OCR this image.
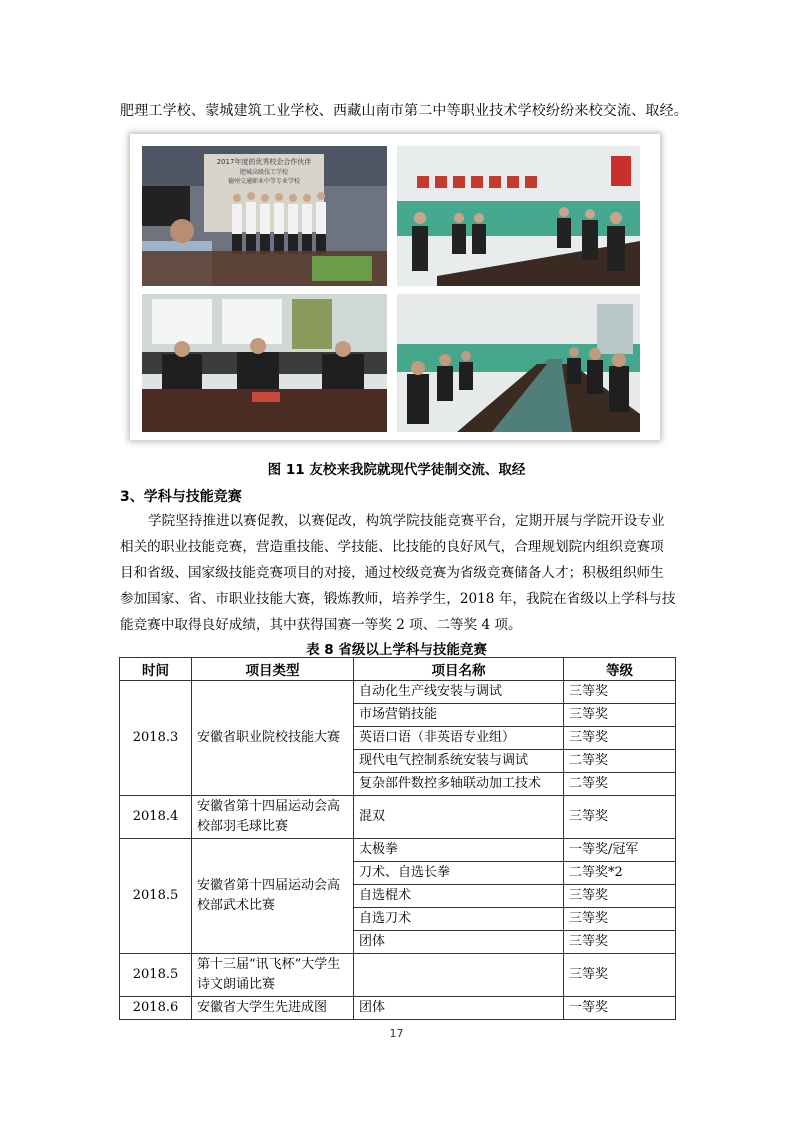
肥理工学校、蒙城建筑工业学校、西藏山南市第二中等职业技术学校纷纷来校交流、取经。
2017年度的优秀校企合作伙伴
肥城高级技工学校
德州交通职业中等专业学校
图 11 友校来我院就现代学徒制交流、取经
3、学科与技能竞赛

学院坚持推进以赛促教，以赛促改，构筑学院技能竞赛平台，定期开展与学院开设专业

相关的职业技能竞赛，营造重技能、学技能、比技能的良好风气，合理规划院内组织竞赛项

目和省级、国家级技能竞赛项目的对接，通过校级竞赛为省级竞赛储备人才；积极组织师生

参加国家、省、市职业技能大赛，锻炼教师，培养学生，2018 年，我院在省级以上学科与技

能竞赛中取得良好成绩，其中获得国赛一等奖 2 项、二等奖 4 项。

表 8 省级以上学科与技能竞赛
时间	项目类型	项目名称	等级
2018.3	安徽省职业院校技能大赛	自动化生产线安装与调试	三等奖
		市场营销技能	三等奖
		英语口语（非英语专业组）	三等奖
		现代电气控制系统安装与调试	二等奖
		复杂部件数控多轴联动加工技术	二等奖
2018.4	安徽省第十四届运动会高校部羽毛球比赛	混双	三等奖
2018.5	安徽省第十四届运动会高校部武术比赛	太极拳	一等奖/冠军
		刀术、自选长拳	二等奖*2
		自选棍术	三等奖
		自选刀术	三等奖
		团体	三等奖
2018.5	第十三届“讯飞杯”大学生诗文朗诵比赛		三等奖
2018.6	安徽省大学生先进成图	团体	一等奖
17
